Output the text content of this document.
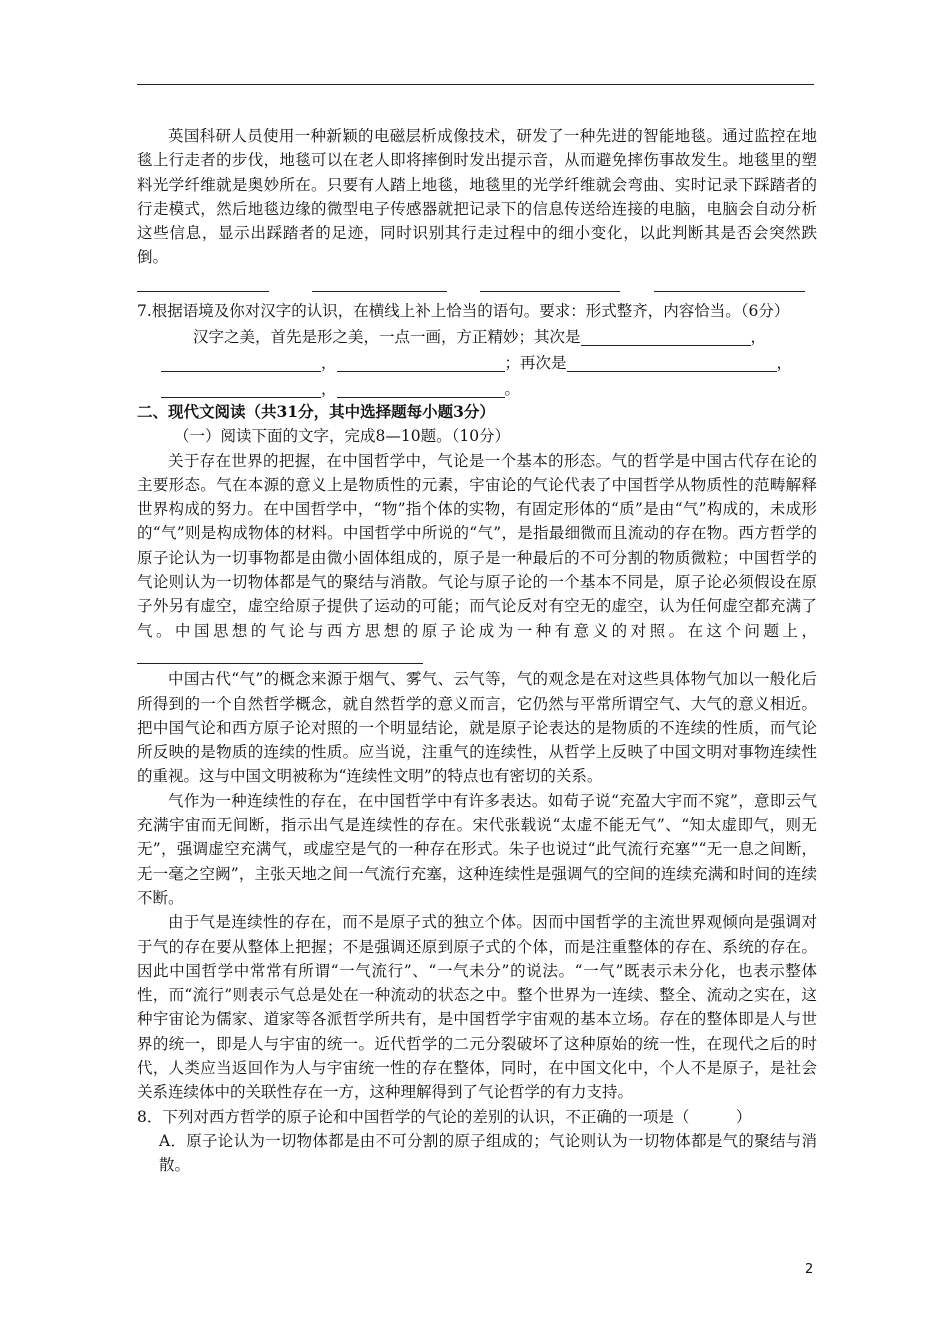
英国科研人员使用一种新颖的电磁层析成像技术，研发了一种先进的智能地毯。通过监控在地毯上行走者的步伐，地毯可以在老人即将摔倒时发出提示音，从而避免摔伤事故发生。地毯里的塑料光学纤维就是奥妙所在。只要有人踏上地毯，地毯里的光学纤维就会弯曲、实时记录下踩踏者的行走模式，然后地毯边缘的微型电子传感器就把记录下的信息传送给连接的电脑，电脑会自动分析这些信息，显示出踩踏者的足迹，同时识别其行走过程中的细小变化，以此判断其是否会突然跌倒。

7.根据语境及你对汉字的认识，在横线上补上恰当的语句。要求：形式整齐，内容恰当。（6分）
汉字之美，首先是形之美，一点一画，方正精妙；其次是	，
，	；再次是	，
，	。

二、现代文阅读（共31分，其中选择题每小题3分）

（一）阅读下面的文字，完成8—10题。（10分）

关于存在世界的把握，在中国哲学中，气论是一个基本的形态。气的哲学是中国古代存在论的主要形态。气在本源的意义上是物质性的元素，宇宙论的气论代表了中国哲学从物质性的范畴解释世界构成的努力。在中国哲学中，“物”指个体的实物，有固定形体的“质”是由“气”构成的，未成形的“气”则是构成物体的材料。中国哲学中所说的“气”，是指最细微而且流动的存在物。西方哲学的原子论认为一切事物都是由微小固体组成的，原子是一种最后的不可分割的物质微粒；中国哲学的气论则认为一切物体都是气的聚结与消散。气论与原子论的一个基本不同是，原子论必须假设在原子外另有虚空，虚空给原子提供了运动的可能；而气论反对有空无的虚空，认为任何虚空都充满了气。中国思想的气论与西方思想的原子论成为一种有意义的对照。在这个问题上，

中国古代“气”的概念来源于烟气、雾气、云气等，气的观念是在对这些具体物气加以一般化后所得到的一个自然哲学概念，就自然哲学的意义而言，它仍然与平常所谓空气、大气的意义相近。把中国气论和西方原子论对照的一个明显结论，就是原子论表达的是物质的不连续的性质，而气论所反映的是物质的连续的性质。应当说，注重气的连续性，从哲学上反映了中国文明对事物连续性的重视。这与中国文明被称为“连续性文明”的特点也有密切的关系。

气作为一种连续性的存在，在中国哲学中有许多表达。如荀子说“充盈大宇而不窕”，意即云气充满宇宙而无间断，指示出气是连续性的存在。宋代张载说“太虚不能无气”、“知太虚即气，则无无”，强调虚空充满气，或虚空是气的一种存在形式。朱子也说过“此气流行充塞”“无一息之间断，无一毫之空阙”，主张天地之间一气流行充塞，这种连续性是强调气的空间的连续充满和时间的连续不断。

由于气是连续性的存在，而不是原子式的独立个体。因而中国哲学的主流世界观倾向是强调对于气的存在要从整体上把握；不是强调还原到原子式的个体，而是注重整体的存在、系统的存在。因此中国哲学中常常有所谓“一气流行”、“一气未分”的说法。“一气”既表示未分化，也表示整体性，而“流行”则表示气总是处在一种流动的状态之中。整个世界为一连续、整全、流动之实在，这种宇宙论为儒家、道家等各派哲学所共有，是中国哲学宇宙观的基本立场。存在的整体即是人与世界的统一，即是人与宇宙的统一。近代哲学的二元分裂破坏了这种原始的统一性，在现代之后的时代，人类应当返回作为人与宇宙统一性的存在整体，同时，在中国文化中，个人不是原子，是社会关系连续体中的关联性存在一方，这种理解得到了气论哲学的有力支持。

8．下列对西方哲学的原子论和中国哲学的气论的差别的认识，不正确的一项是（　　　）

A．原子论认为一切物体都是由不可分割的原子组成的；气论则认为一切物体都是气的聚结与消散。

2
